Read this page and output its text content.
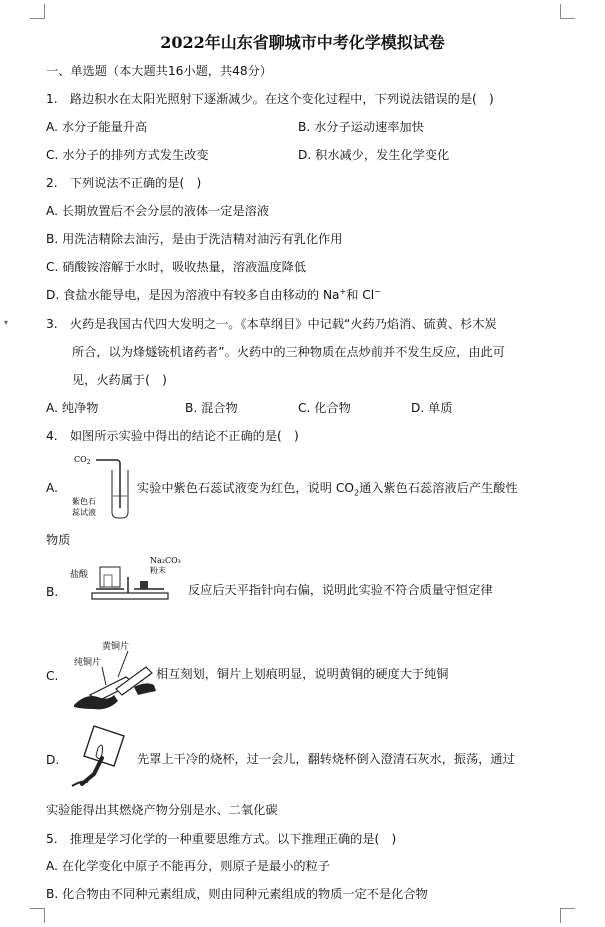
▾
2022年山东省聊城市中考化学模拟试卷
一、单选题（本大题共16小题，共48分）
1.　路边积水在太阳光照射下逐渐减少。在这个变化过程中，下列说法错误的是(　)
A. 水分子能量升高	B. 水分子运动速率加快
C. 水分子的排列方式发生改变	D. 积水减少，发生化学变化
2.　下列说法不正确的是(　)
A. 长期放置后不会分层的液体一定是溶液
B. 用洗洁精除去油污，是由于洗洁精对油污有乳化作用
C. 硝酸铵溶解于水时，吸收热量，溶液温度降低
D. 食盐水能导电，是因为溶液中有较多自由移动的 Na+和 Cl−
3.　火药是我国古代四大发明之一。《本草纲目》中记载“火药乃焰消、硫黄、杉木炭
所合，以为烽燧铳机诸药者”。火药中的三种物质在点炒前并不发生反应，由此可
见，火药属于(　)
A. 纯净物	B. 混合物	C. 化合物	D. 单质
4.　如图所示实验中得出的结论不正确的是(　)
A.
$CO_2$
紫色石
蕊试液
实验中紫色石蕊试液变为红色，说明 $CO_2$通入紫色石蕊溶液后产生酸性
物质
B.
盐酸
Na₂CO₃
粉末
反应后天平指针向右偏，说明此实验不符合质量守恒定律
C.
黄铜片
纯铜片
相互刻划，铜片上划痕明显，说明黄铜的硬度大于纯铜
D.	先罩上干冷的烧杯，过一会儿，翻转烧杯倒入澄清石灰水，振荡，通过
实验能得出其燃烧产物分别是水、二氧化碳
5.　推理是学习化学的一种重要思维方式。以下推理正确的是(　)
A. 在化学变化中原子不能再分，则原子是最小的粒子
B. 化合物由不同种元素组成，则由同种元素组成的物质一定不是化合物
